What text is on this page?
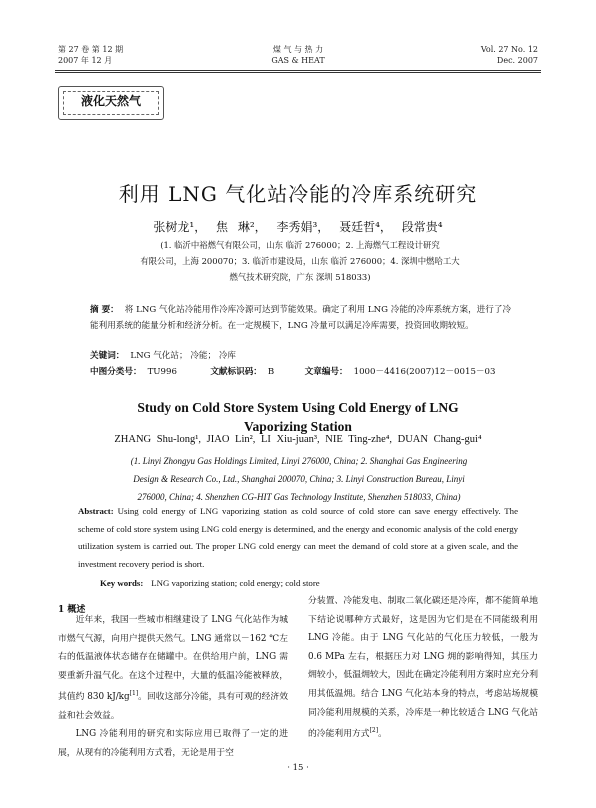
第 27 卷 第 12 期
2007 年 12 月
煤 气 与 热 力
GAS & HEAT
Vol. 27 No. 12
Dec. 2007
液化天然气
利用 LNG 气化站冷能的冷库系统研究
张树龙¹， 焦 琳²， 李秀娟³， 聂廷哲⁴， 段常贵⁴
(1. 临沂中裕燃气有限公司，山东 临沂 276000；2. 上海燃气工程设计研究
有限公司，上海 200070；3. 临沂市建设局，山东 临沂 276000；4. 深圳中燃哈工大
燃气技术研究院，广东 深圳 518033)
摘 要： 将 LNG 气化站冷能用作冷库冷源可达到节能效果。确定了利用 LNG 冷能的冷库系统方案，进行了冷能利用系统的能量分析和经济分析。在一定规模下，LNG 冷量可以满足冷库需要，投资回收期较短。
关键词： LNG 气化站； 冷能； 冷库
中图分类号： TU996	文献标识码： B	文章编号： 1000－4416(2007)12－0015－03
Study on Cold Store System Using Cold Energy of LNG
Vaporizing Station
ZHANG Shu-long¹, JIAO Lin², LI Xiu-juan³, NIE Ting-zhe⁴, DUAN Chang-gui⁴
(1. Linyi Zhongyu Gas Holdings Limited, Linyi 276000, China; 2. Shanghai Gas Engineering
Design & Research Co., Ltd., Shanghai 200070, China; 3. Linyi Construction Bureau, Linyi
276000, China; 4. Shenzhen CG-HIT Gas Technology Institute, Shenzhen 518033, China)
Abstract: Using cold energy of LNG vaporizing station as cold source of cold store can save energy effectively. The scheme of cold store system using LNG cold energy is determined, and the energy and economic analysis of the cold energy utilization system is carried out. The proper LNG cold energy can meet the demand of cold store at a given scale, and the investment recovery period is short.
Key words: LNG vaporizing station; cold energy; cold store
1 概述

近年来，我国一些城市相继建设了 LNG 气化站作为城市燃气气源，向用户提供天然气。LNG 通常以－162 ℃左右的低温液体状态储存在储罐中。在供给用户前，LNG 需要重新升温气化。在这个过程中，大量的低温冷能被释放，其值约 830 kJ/kg[1]。回收这部分冷能，具有可观的经济效益和社会效益。

LNG 冷能利用的研究和实际应用已取得了一定的进展，从现有的冷能利用方式看，无论是用于空

分装置、冷能发电、制取二氧化碳还是冷库，都不能简单地下结论说哪种方式最好，这是因为它们是在不同能级利用 LNG 冷能。由于 LNG 气化站的气化压力较低，一般为 0.6 MPa 左右，根据压力对 LNG 㶲的影响得知，其压力㶲较小，低温㶲较大，因此在确定冷能利用方案时应充分利用其低温㶲。结合 LNG 气化站本身的特点，考虑站场规模同冷能利用规模的关系，冷库是一种比较适合 LNG 气化站的冷能利用方式[2]。

· 15 ·
